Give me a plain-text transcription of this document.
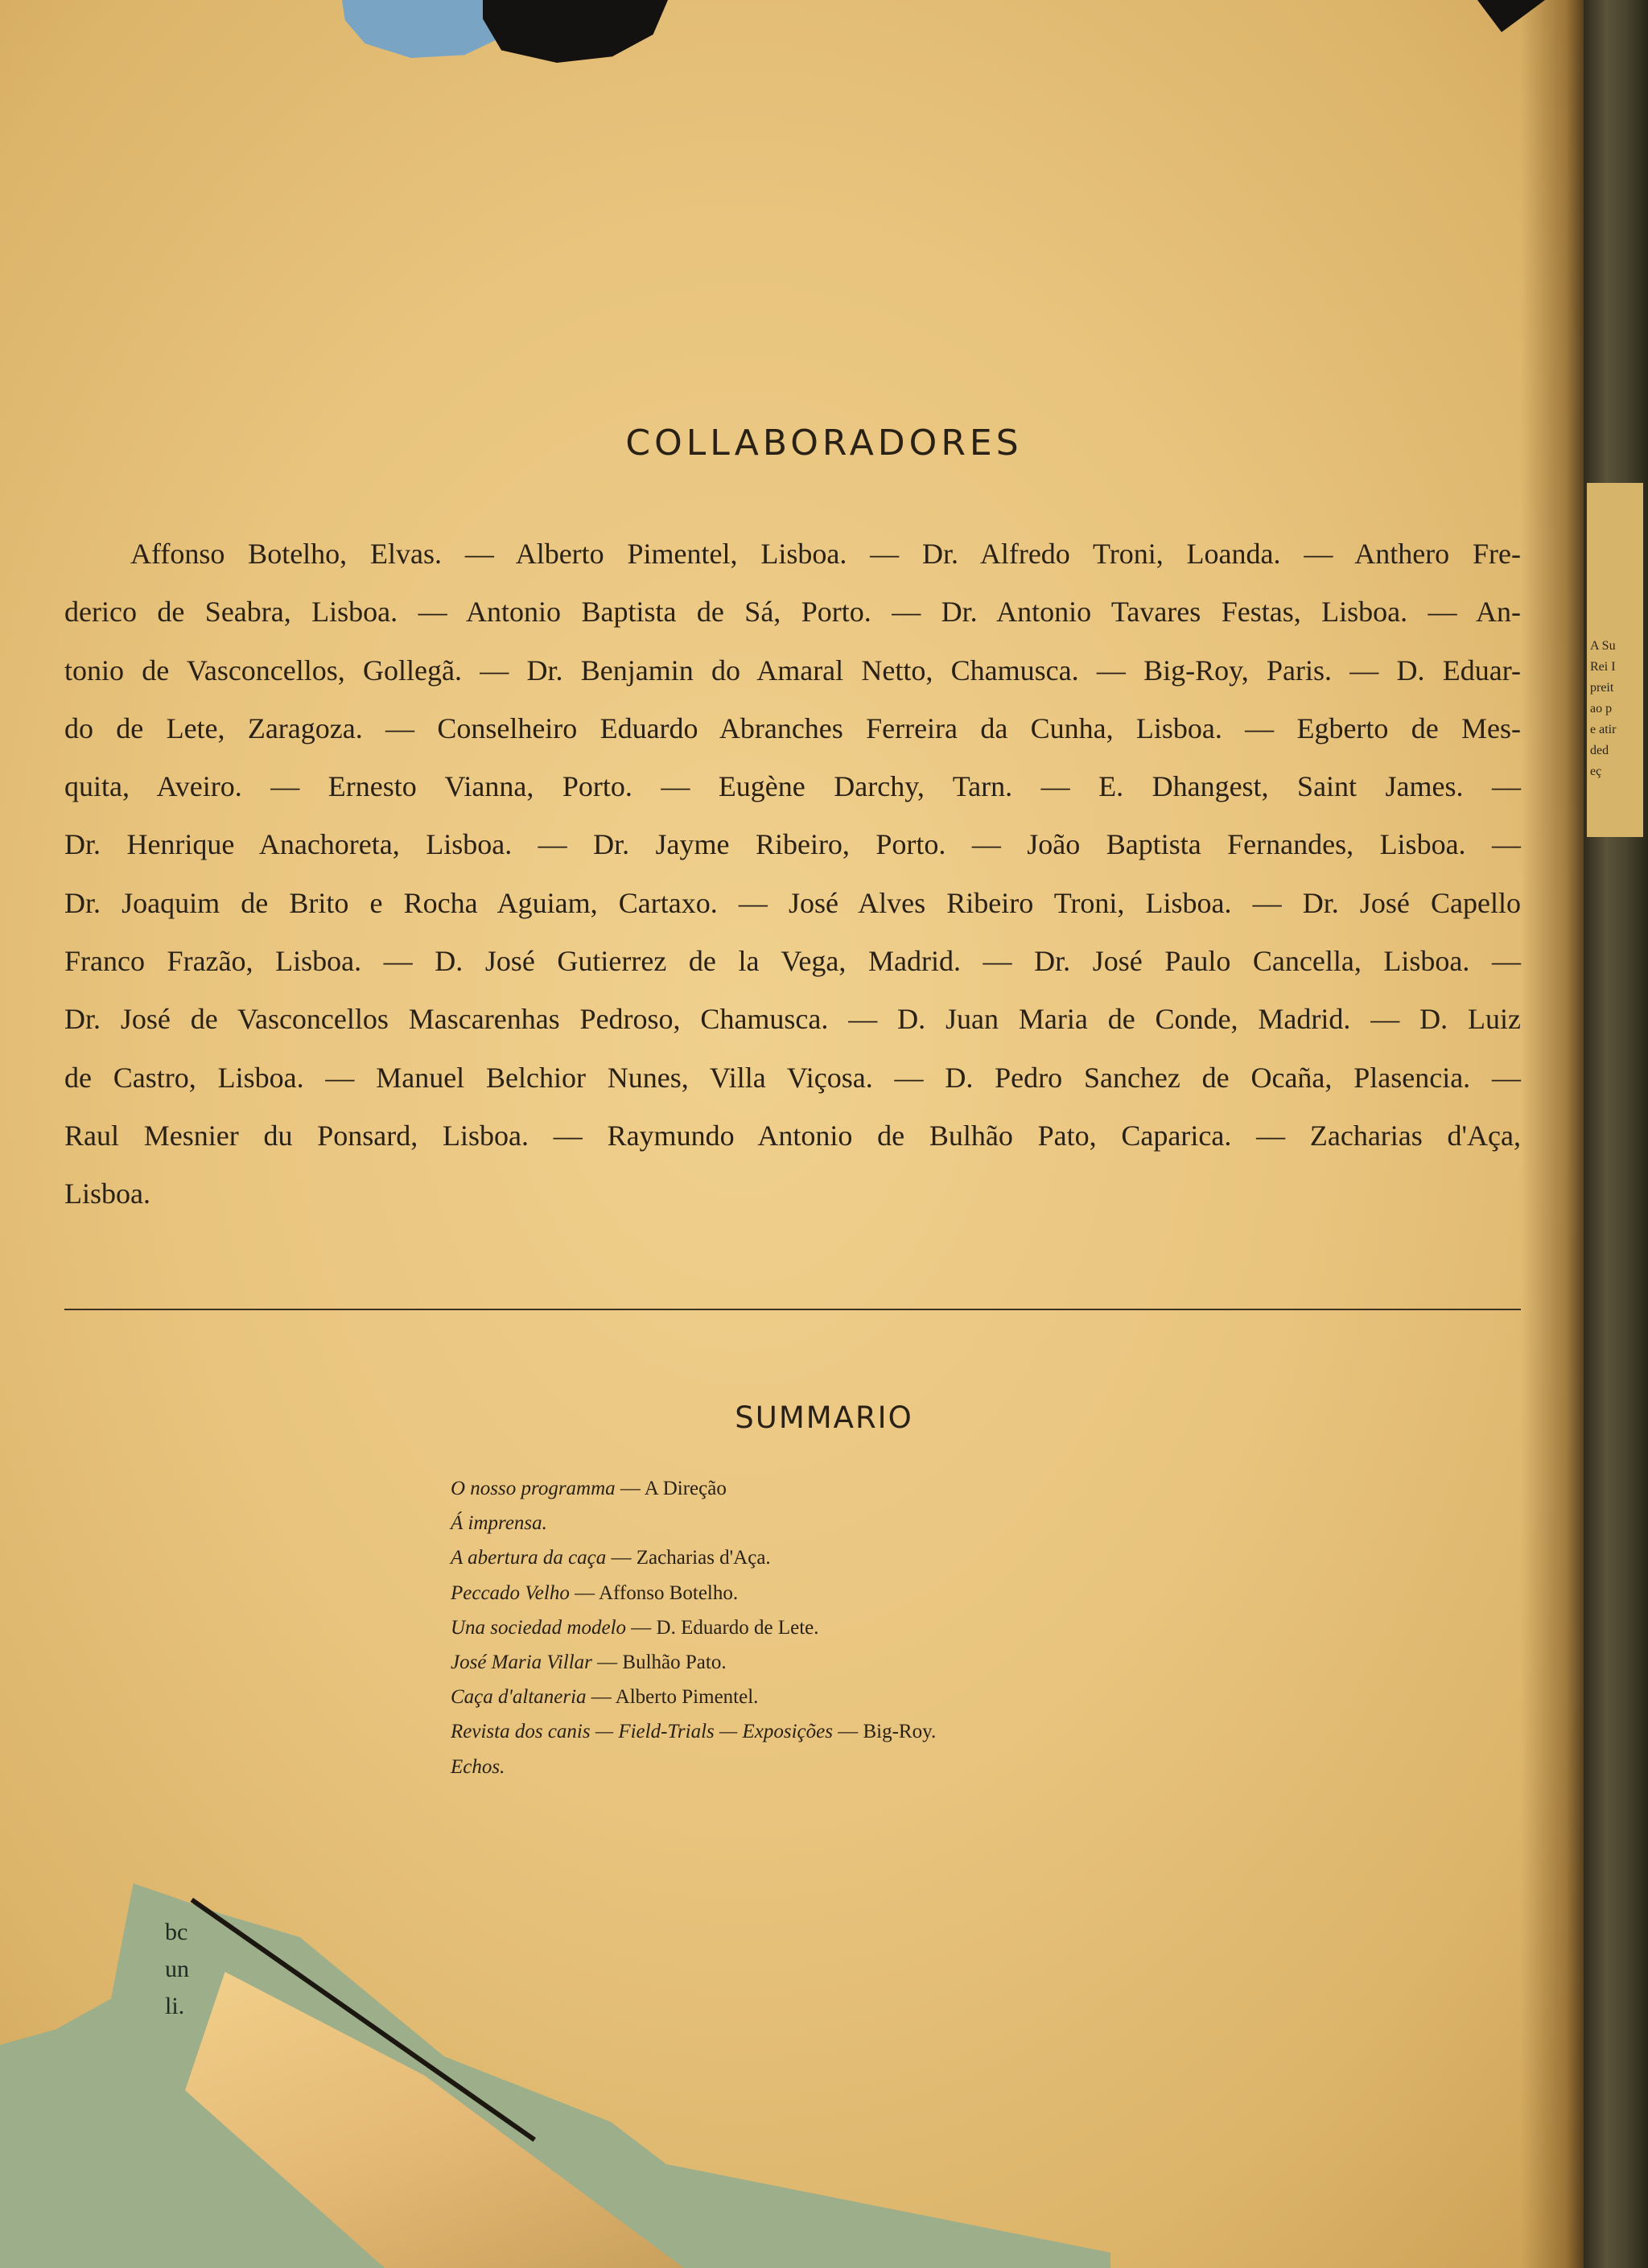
A Su
Rei I
preit
ao p
e atir
ded
eç
bc
un
li.
COLLABORADORES
Affonso Botelho, Elvas. — Alberto Pimentel, Lisboa. — Dr. Alfredo Troni, Loanda. — Anthero Fre-
derico de Seabra, Lisboa. — Antonio Baptista de Sá, Porto. — Dr. Antonio Tavares Festas, Lisboa. — An-
tonio de Vasconcellos, Gollegã. — Dr. Benjamin do Amaral Netto, Chamusca. — Big-Roy, Paris. — D. Eduar-
do de Lete, Zaragoza. — Conselheiro Eduardo Abranches Ferreira da Cunha, Lisboa. — Egberto de Mes-
quita, Aveiro. — Ernesto Vianna, Porto. — Eugène Darchy, Tarn. — E. Dhangest, Saint James. —
Dr. Henrique Anachoreta, Lisboa. — Dr. Jayme Ribeiro, Porto. — João Baptista Fernandes, Lisboa. —
Dr. Joaquim de Brito e Rocha Aguiam, Cartaxo. — José Alves Ribeiro Troni, Lisboa. — Dr. José Capello
Franco Frazão, Lisboa. — D. José Gutierrez de la Vega, Madrid. — Dr. José Paulo Cancella, Lisboa. —
Dr. José de Vasconcellos Mascarenhas Pedroso, Chamusca. — D. Juan Maria de Conde, Madrid. — D. Luiz
de Castro, Lisboa. — Manuel Belchior Nunes, Villa Viçosa. — D. Pedro Sanchez de Ocaña, Plasencia. —
Raul Mesnier du Ponsard, Lisboa. — Raymundo Antonio de Bulhão Pato, Caparica. — Zacharias d'Aça,
Lisboa.
SUMMARIO
O nosso programma — A Direção
Á imprensa.
A abertura da caça — Zacharias d'Aça.
Peccado Velho — Affonso Botelho.
Una sociedad modelo — D. Eduardo de Lete.
José Maria Villar — Bulhão Pato.
Caça d'altaneria — Alberto Pimentel.
Revista dos canis — Field-Trials — Exposições — Big-Roy.
Echos.
